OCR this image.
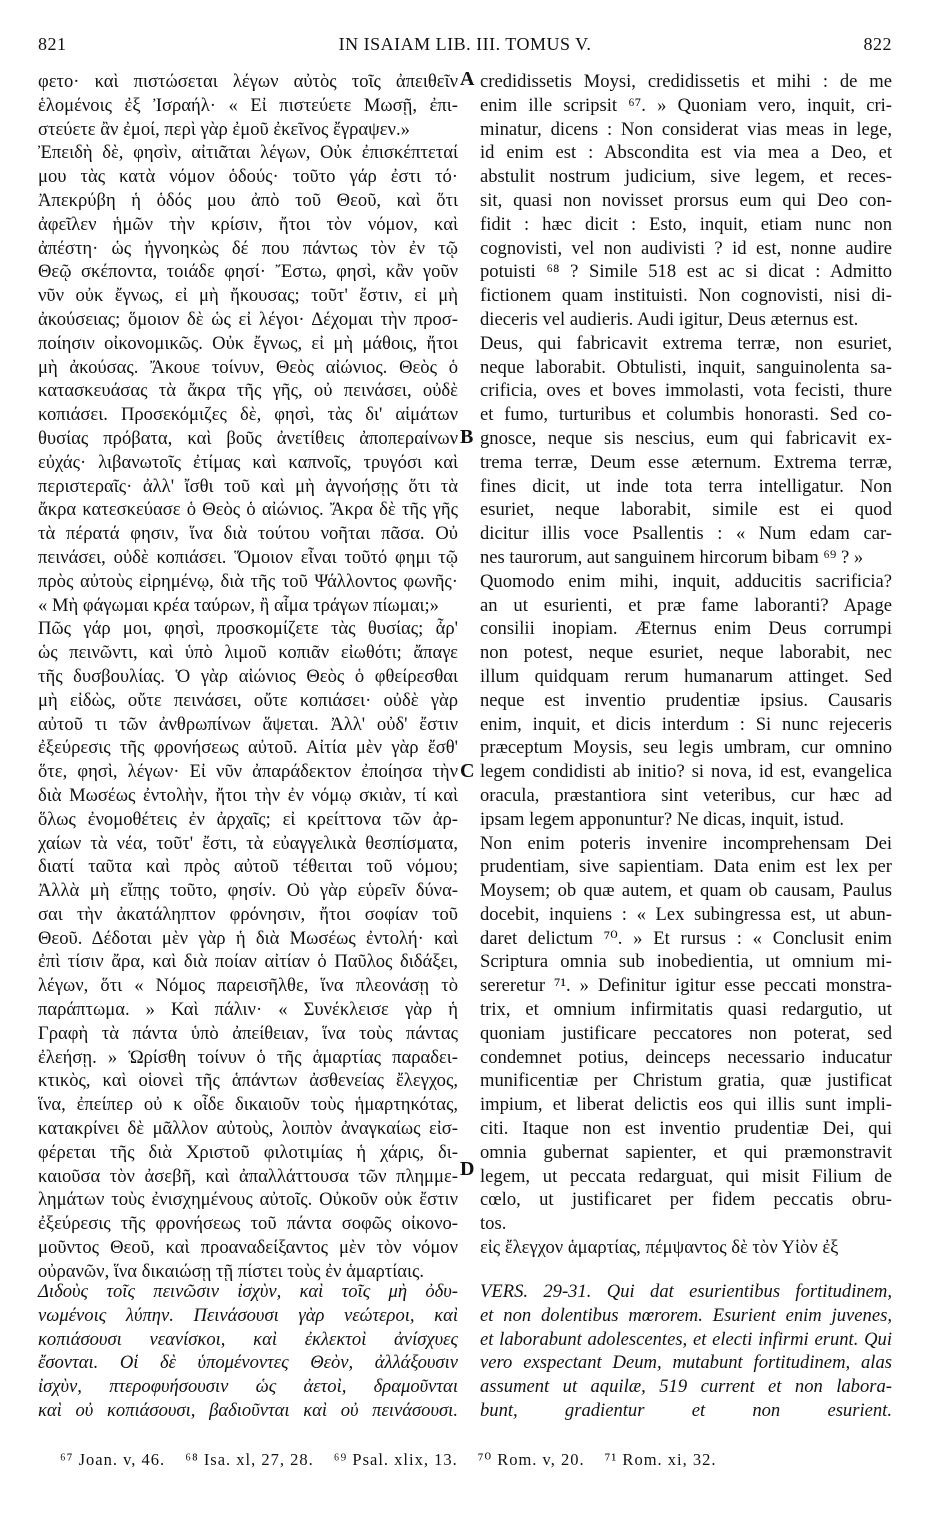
821	IN ISAIAM LIB. III. TOMUS V.	822
A
B
C
D
φετο· καὶ πιστώσεται λέγων αὐτὸς τοῖς ἀπειθεῖν
ἑλομένοις ἐξ Ἰσραήλ· « Εἰ πιστεύετε Μωσῇ, ἐπι-
στεύετε ἂν ἐμοί, περὶ γὰρ ἐμοῦ ἐκεῖνος ἔγραψεν.»
Ἐπειδὴ δὲ, φησὶν, αἰτιᾶται λέγων, Οὐκ ἐπισκέπτεταί
μου τὰς κατὰ νόμον ὁδούς· τοῦτο γάρ ἐστι τό·
Ἀπεκρύβη ἡ ὁδός μου ἀπὸ τοῦ Θεοῦ, καὶ ὅτι
ἀφεῖλεν ἡμῶν τὴν κρίσιν, ἤτοι τὸν νόμον, καὶ
ἀπέστη· ὡς ἠγνοηκὼς δέ που πάντως τὸν ἐν τῷ
Θεῷ σκέποντα, τοιάδε φησί· Ἔστω, φησὶ, κἂν γοῦν
νῦν οὐκ ἔγνως, εἰ μὴ ἤκουσας; τοῦτ' ἔστιν, εἰ μὴ
ἀκούσειας; ὅμοιον δὲ ὡς εἰ λέγοι· Δέχομαι τὴν προσ-
ποίησιν οἰκονομικῶς. Οὐκ ἔγνως, εἰ μὴ μάθοις, ἤτοι
μὴ ἀκούσας. Ἄκουε τοίνυν, Θεὸς αἰώνιος. Θεὸς ὁ
κατασκευάσας τὰ ἄκρα τῆς γῆς, οὐ πεινάσει, οὐδὲ
κοπιάσει. Προσεκόμιζες δὲ, φησὶ, τὰς δι' αἱμάτων
θυσίας πρόβατα, καὶ βοῦς ἀνετίθεις ἀποπεραίνων
εὐχάς· λιβανωτοῖς ἐτίμας καὶ καπνοῖς, τρυγόσι καὶ
περιστεραῖς· ἀλλ' ἴσθι τοῦ καὶ μὴ ἀγνοήσῃς ὅτι τὰ
ἄκρα κατεσκεύασε ὁ Θεὸς ὁ αἰώνιος. Ἄκρα δὲ τῆς γῆς
τὰ πέρατά φησιν, ἵνα διὰ τούτου νοῆται πᾶσα. Οὐ
πεινάσει, οὐδὲ κοπιάσει. Ὅμοιον εἶναι τοῦτό φημι τῷ
πρὸς αὐτοὺς εἰρημένῳ, διὰ τῆς τοῦ Ψάλλοντος φωνῆς·
« Μὴ φάγωμαι κρέα ταύρων, ἢ αἷμα τράγων πίωμαι;»
Πῶς γάρ μοι, φησὶ, προσκομίζετε τὰς θυσίας; ἆρ'
ὡς πεινῶντι, καὶ ὑπὸ λιμοῦ κοπιᾶν εἰωθότι; ἄπαγε
τῆς δυσβουλίας. Ὁ γὰρ αἰώνιος Θεὸς ὁ φθείρεσθαι
μὴ εἰδὼς, οὔτε πεινάσει, οὔτε κοπιάσει· οὐδὲ γὰρ
αὐτοῦ τι τῶν ἀνθρωπίνων ἅψεται. Ἀλλ' οὐδ' ἔστιν
ἐξεύρεσις τῆς φρονήσεως αὐτοῦ. Αἰτία μὲν γὰρ ἔσθ'
ὅτε, φησὶ, λέγων· Εἰ νῦν ἀπαράδεκτον ἐποίησα τὴν
διὰ Μωσέως ἐντολὴν, ἤτοι τὴν ἐν νόμῳ σκιὰν, τί καὶ
ὅλως ἐνομοθέτεις ἐν ἀρχαῖς; εἰ κρείττονα τῶν ἀρ-
χαίων τὰ νέα, τοῦτ' ἔστι, τὰ εὐαγγελικὰ θεσπίσματα,
διατί ταῦτα καὶ πρὸς αὐτοῦ τέθειται τοῦ νόμου;
Ἀλλὰ μὴ εἴπῃς τοῦτο, φησίν. Οὐ γὰρ εὑρεῖν δύνα-
σαι τὴν ἀκατάληπτον φρόνησιν, ἤτοι σοφίαν τοῦ
Θεοῦ. Δέδοται μὲν γὰρ ἡ διὰ Μωσέως ἐντολή· καὶ
ἐπὶ τίσιν ἄρα, καὶ διὰ ποίαν αἰτίαν ὁ Παῦλος διδάξει,
λέγων, ὅτι « Νόμος παρεισῆλθε, ἵνα πλεονάσῃ τὸ
παράπτωμα. » Καὶ πάλιν· « Συνέκλεισε γὰρ ἡ
Γραφὴ τὰ πάντα ὑπὸ ἀπείθειαν, ἵνα τοὺς πάντας
ἐλεήσῃ. » Ὡρίσθη τοίνυν ὁ τῆς ἁμαρτίας παραδει-
κτικὸς, καὶ οἱονεὶ τῆς ἁπάντων ἀσθενείας ἔλεγχος,
ἵνα, ἐπείπερ οὐ κ οἶδε δικαιοῦν τοὺς ἡμαρτηκότας,
κατακρίνει δὲ μᾶλλον αὐτοὺς, λοιπὸν ἀναγκαίως εἰσ-
φέρεται τῆς διὰ Χριστοῦ φιλοτιμίας ἡ χάρις, δι-
καιοῦσα τὸν ἀσεβῆ, καὶ ἀπαλλάττουσα τῶν πλημμε-
λημάτων τοὺς ἐνισχημένους αὐτοῖς. Οὐκοῦν οὐκ ἔστιν
ἐξεύρεσις τῆς φρονήσεως τοῦ πάντα σοφῶς οἰκονο-
μοῦντος Θεοῦ, καὶ προαναδείξαντος μὲν τὸν νόμον
οὐρανῶν, ἵνα δικαιώσῃ τῇ πίστει τοὺς ἐν ἁμαρτίαις.
credidissetis Moysi, credidissetis et mihi : de me
enim ille scripsit ⁶⁷. » Quoniam vero, inquit, cri-
minatur, dicens : Non considerat vias meas in lege,
id enim est : Abscondita est via mea a Deo, et
abstulit nostrum judicium, sive legem, et reces-
sit, quasi non novisset prorsus eum qui Deo con-
fidit : hæc dicit : Esto, inquit, etiam nunc non
cognovisti, vel non audivisti ? id est, nonne audire
potuisti ⁶⁸ ? Simile 518 est ac si dicat : Admitto
fictionem quam instituisti. Non cognovisti, nisi di-
dieceris vel audieris. Audi igitur, Deus æternus est.
Deus, qui fabricavit extrema terræ, non esuriet,
neque laborabit. Obtulisti, inquit, sanguinolenta sa-
crificia, oves et boves immolasti, vota fecisti, thure
et fumo, turturibus et columbis honorasti. Sed co-
gnosce, neque sis nescius, eum qui fabricavit ex-
trema terræ, Deum esse æternum. Extrema terræ,
fines dicit, ut inde tota terra intelligatur. Non
esuriet, neque laborabit, simile est ei quod
dicitur illis voce Psallentis : « Num edam car-
nes taurorum, aut sanguinem hircorum bibam ⁶⁹ ? »
Quomodo enim mihi, inquit, adducitis sacrificia?
an ut esurienti, et præ fame laboranti? Apage
consilii inopiam. Æternus enim Deus corrumpi
non potest, neque esuriet, neque laborabit, nec
illum quidquam rerum humanarum attinget. Sed
neque est inventio prudentiæ ipsius. Causaris
enim, inquit, et dicis interdum : Si nunc rejeceris
præceptum Moysis, seu legis umbram, cur omnino
legem condidisti ab initio? si nova, id est, evangelica
oracula, præstantiora sint veteribus, cur hæc ad
ipsam legem apponuntur? Ne dicas, inquit, istud.
Non enim poteris invenire incomprehensam Dei
prudentiam, sive sapientiam. Data enim est lex per
Moysem; ob quæ autem, et quam ob causam, Paulus
docebit, inquiens : « Lex subingressa est, ut abun-
daret delictum ⁷⁰. » Et rursus : « Conclusit enim
Scriptura omnia sub inobedientia, ut omnium mi-
sereretur ⁷¹. » Definitur igitur esse peccati monstra-
trix, et omnium infirmitatis quasi redargutio, ut
quoniam justificare peccatores non poterat, sed
condemnet potius, deinceps necessario inducatur
munificentiæ per Christum gratia, quæ justificat
impium, et liberat delictis eos qui illis sunt impli-
citi. Itaque non est inventio prudentiæ Dei, qui
omnia gubernat sapienter, et qui præmonstravit
legem, ut peccata redarguat, qui misit Filium de
cœlo, ut justificaret per fidem peccatis obru-
tos.
εἰς ἔλεγχον ἁμαρτίας, πέμψαντος δὲ τὸν Υἱὸν ἐξ
Διδοὺς τοῖς πεινῶσιν ἰσχὺν, καὶ τοῖς μὴ ὀδυ-
νωμένοις λύπην. Πεινάσουσι γὰρ νεώτεροι, καὶ
κοπιάσουσι νεανίσκοι, καὶ ἐκλεκτοὶ ἀνίσχυες
ἔσονται. Οἱ δὲ ὑπομένοντες Θεὸν, ἀλλάξουσιν
ἰσχὺν, πτεροφυήσουσιν ὡς ἀετοὶ, δραμοῦνται
καὶ οὐ κοπιάσουσι, βαδιοῦνται καὶ οὐ πεινάσουσι.
VERS. 29-31. Qui dat esurientibus fortitudinem,
et non dolentibus mœrorem. Esurient enim juvenes,
et laborabunt adolescentes, et electi infirmi erunt. Qui
vero exspectant Deum, mutabunt fortitudinem, alas
assument ut aquilæ, 519 current et non labora-
bunt, gradientur et non esurient.
⁶⁷ Joan. v, 46. ⁶⁸ Isa. xl, 27, 28. ⁶⁹ Psal. xlix, 13. ⁷⁰ Rom. v, 20. ⁷¹ Rom. xi, 32.
